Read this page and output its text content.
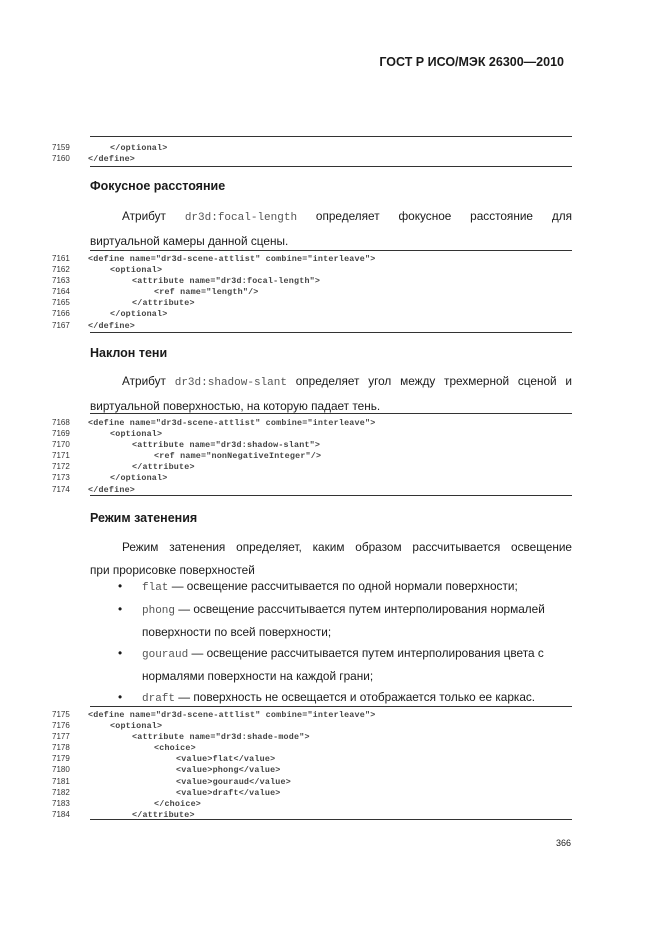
ГОСТ Р ИСО/МЭК 26300—2010
7159	</optional>
7160 </define>
Фокусное расстояние
Атрибут dr3d:focal-length определяет фокусное расстояние для
виртуальной камеры данной сцены.
7161 <define name="dr3d-scene-attlist" combine="interleave">
7162	<optional>
7163	<attribute name="dr3d:focal-length">
7164	<ref name="length"/>
7165	</attribute>
7166	</optional>
7167 </define>
Наклон тени
Атрибут dr3d:shadow-slant определяет угол между трехмерной сценой и
виртуальной поверхностью, на которую падает тень.
7168 <define name="dr3d-scene-attlist" combine="interleave">
7169	<optional>
7170	<attribute name="dr3d:shadow-slant">
7171	<ref name="nonNegativeInteger"/>
7172	</attribute>
7173	</optional>
7174 </define>
Режим затенения
Режим затенения определяет, каким образом рассчитывается освещение
при прорисовке поверхностей
• flat — освещение рассчитывается по одной нормали поверхности;
• phong — освещение рассчитывается путем интерполирования нормалей
поверхности по всей поверхности;
• gouraud — освещение рассчитывается путем интерполирования цвета с
нормалями поверхности на каждой грани;
• draft — поверхность не освещается и отображается только ее каркас.
7175 <define name="dr3d-scene-attlist" combine="interleave">
7176	<optional>
7177	<attribute name="dr3d:shade-mode">
7178	<choice>
7179	<value>flat</value>
7180	<value>phong</value>
7181	<value>gouraud</value>
7182	<value>draft</value>
7183	</choice>
7184	</attribute>
366
